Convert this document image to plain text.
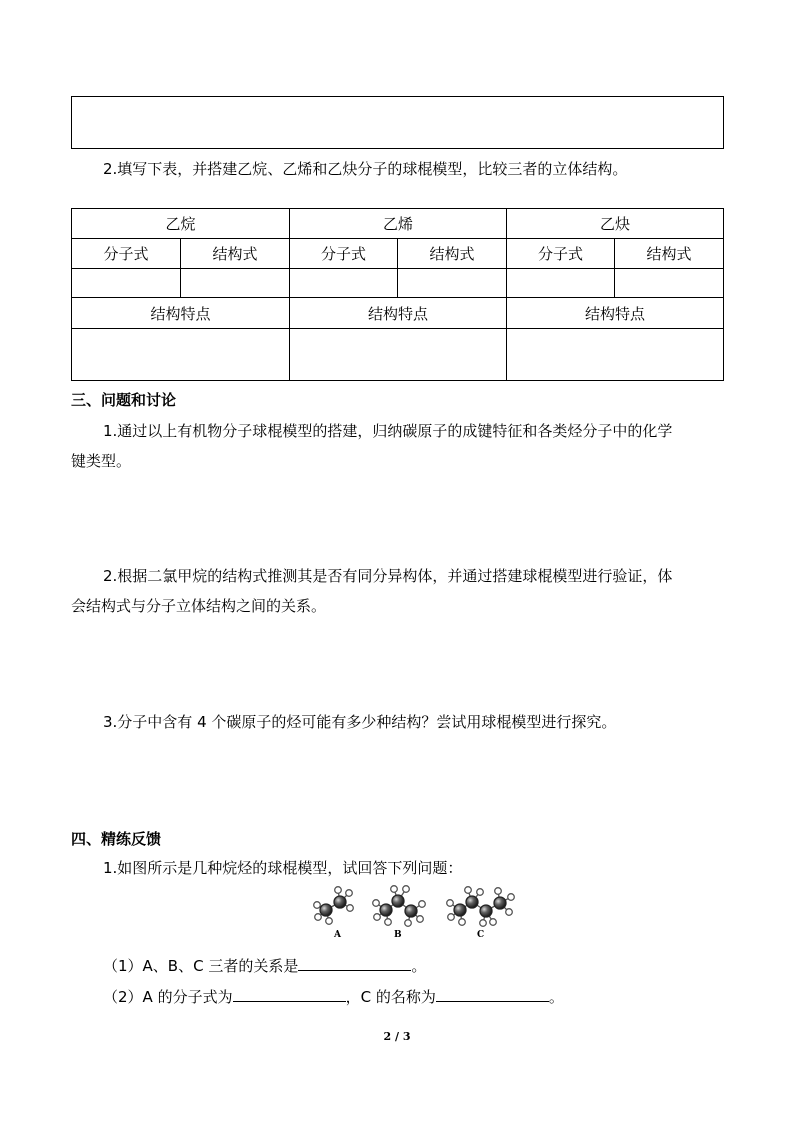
2.填写下表，并搭建乙烷、乙烯和乙炔分子的球棍模型，比较三者的立体结构。
乙烷		乙烯		乙炔	
分子式	结构式	分子式	结构式	分子式	结构式

结构特点		结构特点		结构特点	

三、问题和讨论
1.通过以上有机物分子球棍模型的搭建，归纳碳原子的成键特征和各类烃分子中的化学
键类型。
2.根据二氯甲烷的结构式推测其是否有同分异构体，并通过搭建球棍模型进行验证，体
会结构式与分子立体结构之间的关系。
3.分子中含有 4 个碳原子的烃可能有多少种结构？尝试用球棍模型进行探究。
四、精练反馈
1.如图所示是几种烷烃的球棍模型，试回答下列问题：
A	B	C
（1）A、B、C 三者的关系是	。
（2）A 的分子式为	，C 的名称为	。
2 / 3
